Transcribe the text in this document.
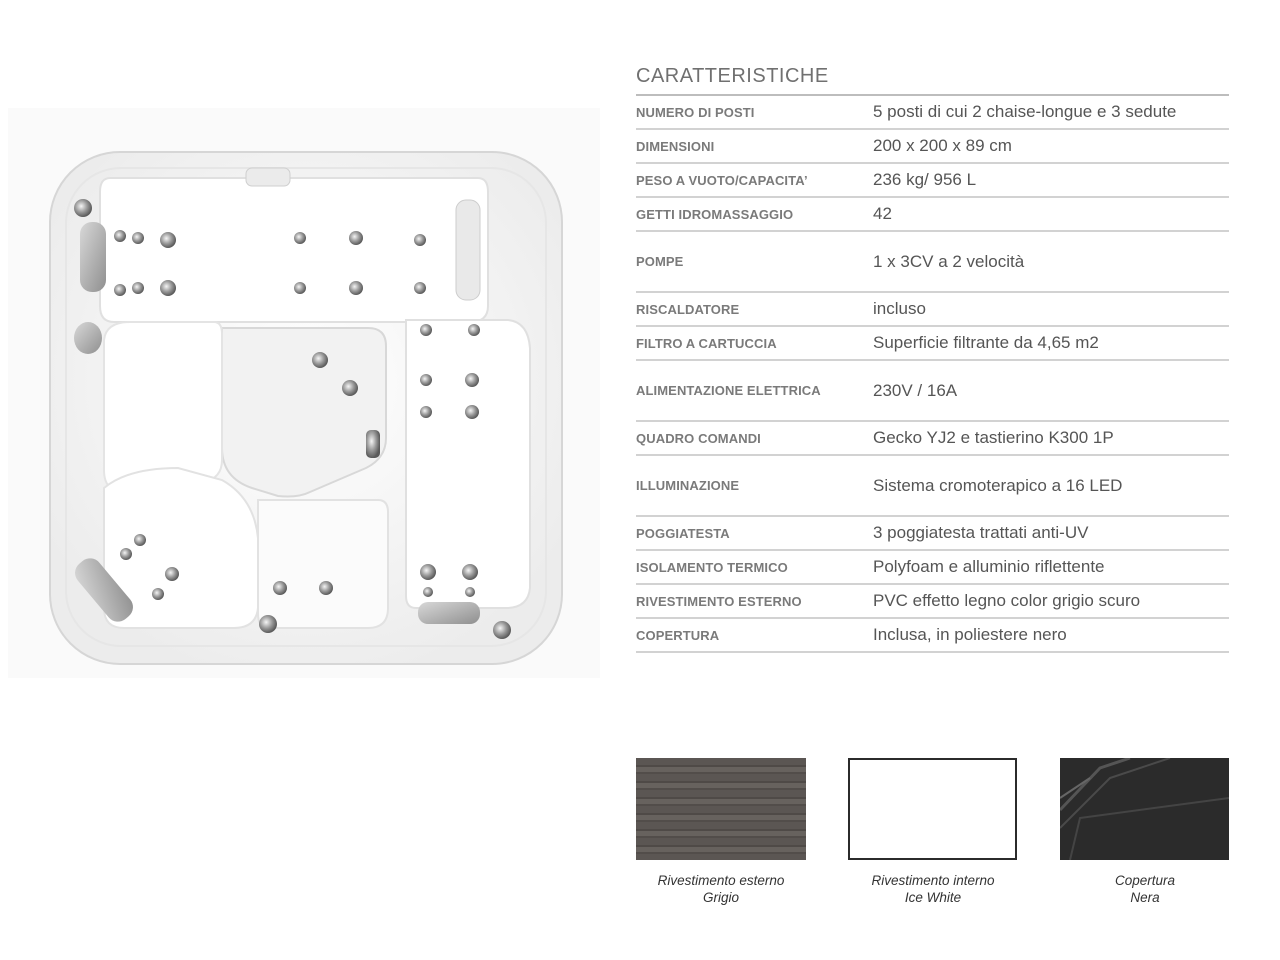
CARATTERISTICHE
NUMERO DI POSTI	5 posti di cui 2 chaise-longue e 3 sedute
DIMENSIONI	200 x 200 x 89 cm
PESO A VUOTO/CAPACITA’	236 kg/ 956 L
GETTI IDROMASSAGGIO	42
POMPE	1 x 3CV a 2 velocità
RISCALDATORE	incluso
FILTRO A CARTUCCIA	Superficie filtrante da 4,65 m2
ALIMENTAZIONE ELETTRICA	230V / 16A
QUADRO COMANDI	Gecko YJ2 e tastierino K300 1P
ILLUMINAZIONE	Sistema cromoterapico a 16 LED
POGGIATESTA	3 poggiatesta trattati anti-UV
ISOLAMENTO TERMICO	Polyfoam e alluminio riflettente
RIVESTIMENTO ESTERNO	PVC effetto legno color grigio scuro
COPERTURA	Inclusa, in poliestere nero
Rivestimento esterno
Grigio
Rivestimento interno
Ice White
Copertura
Nera
